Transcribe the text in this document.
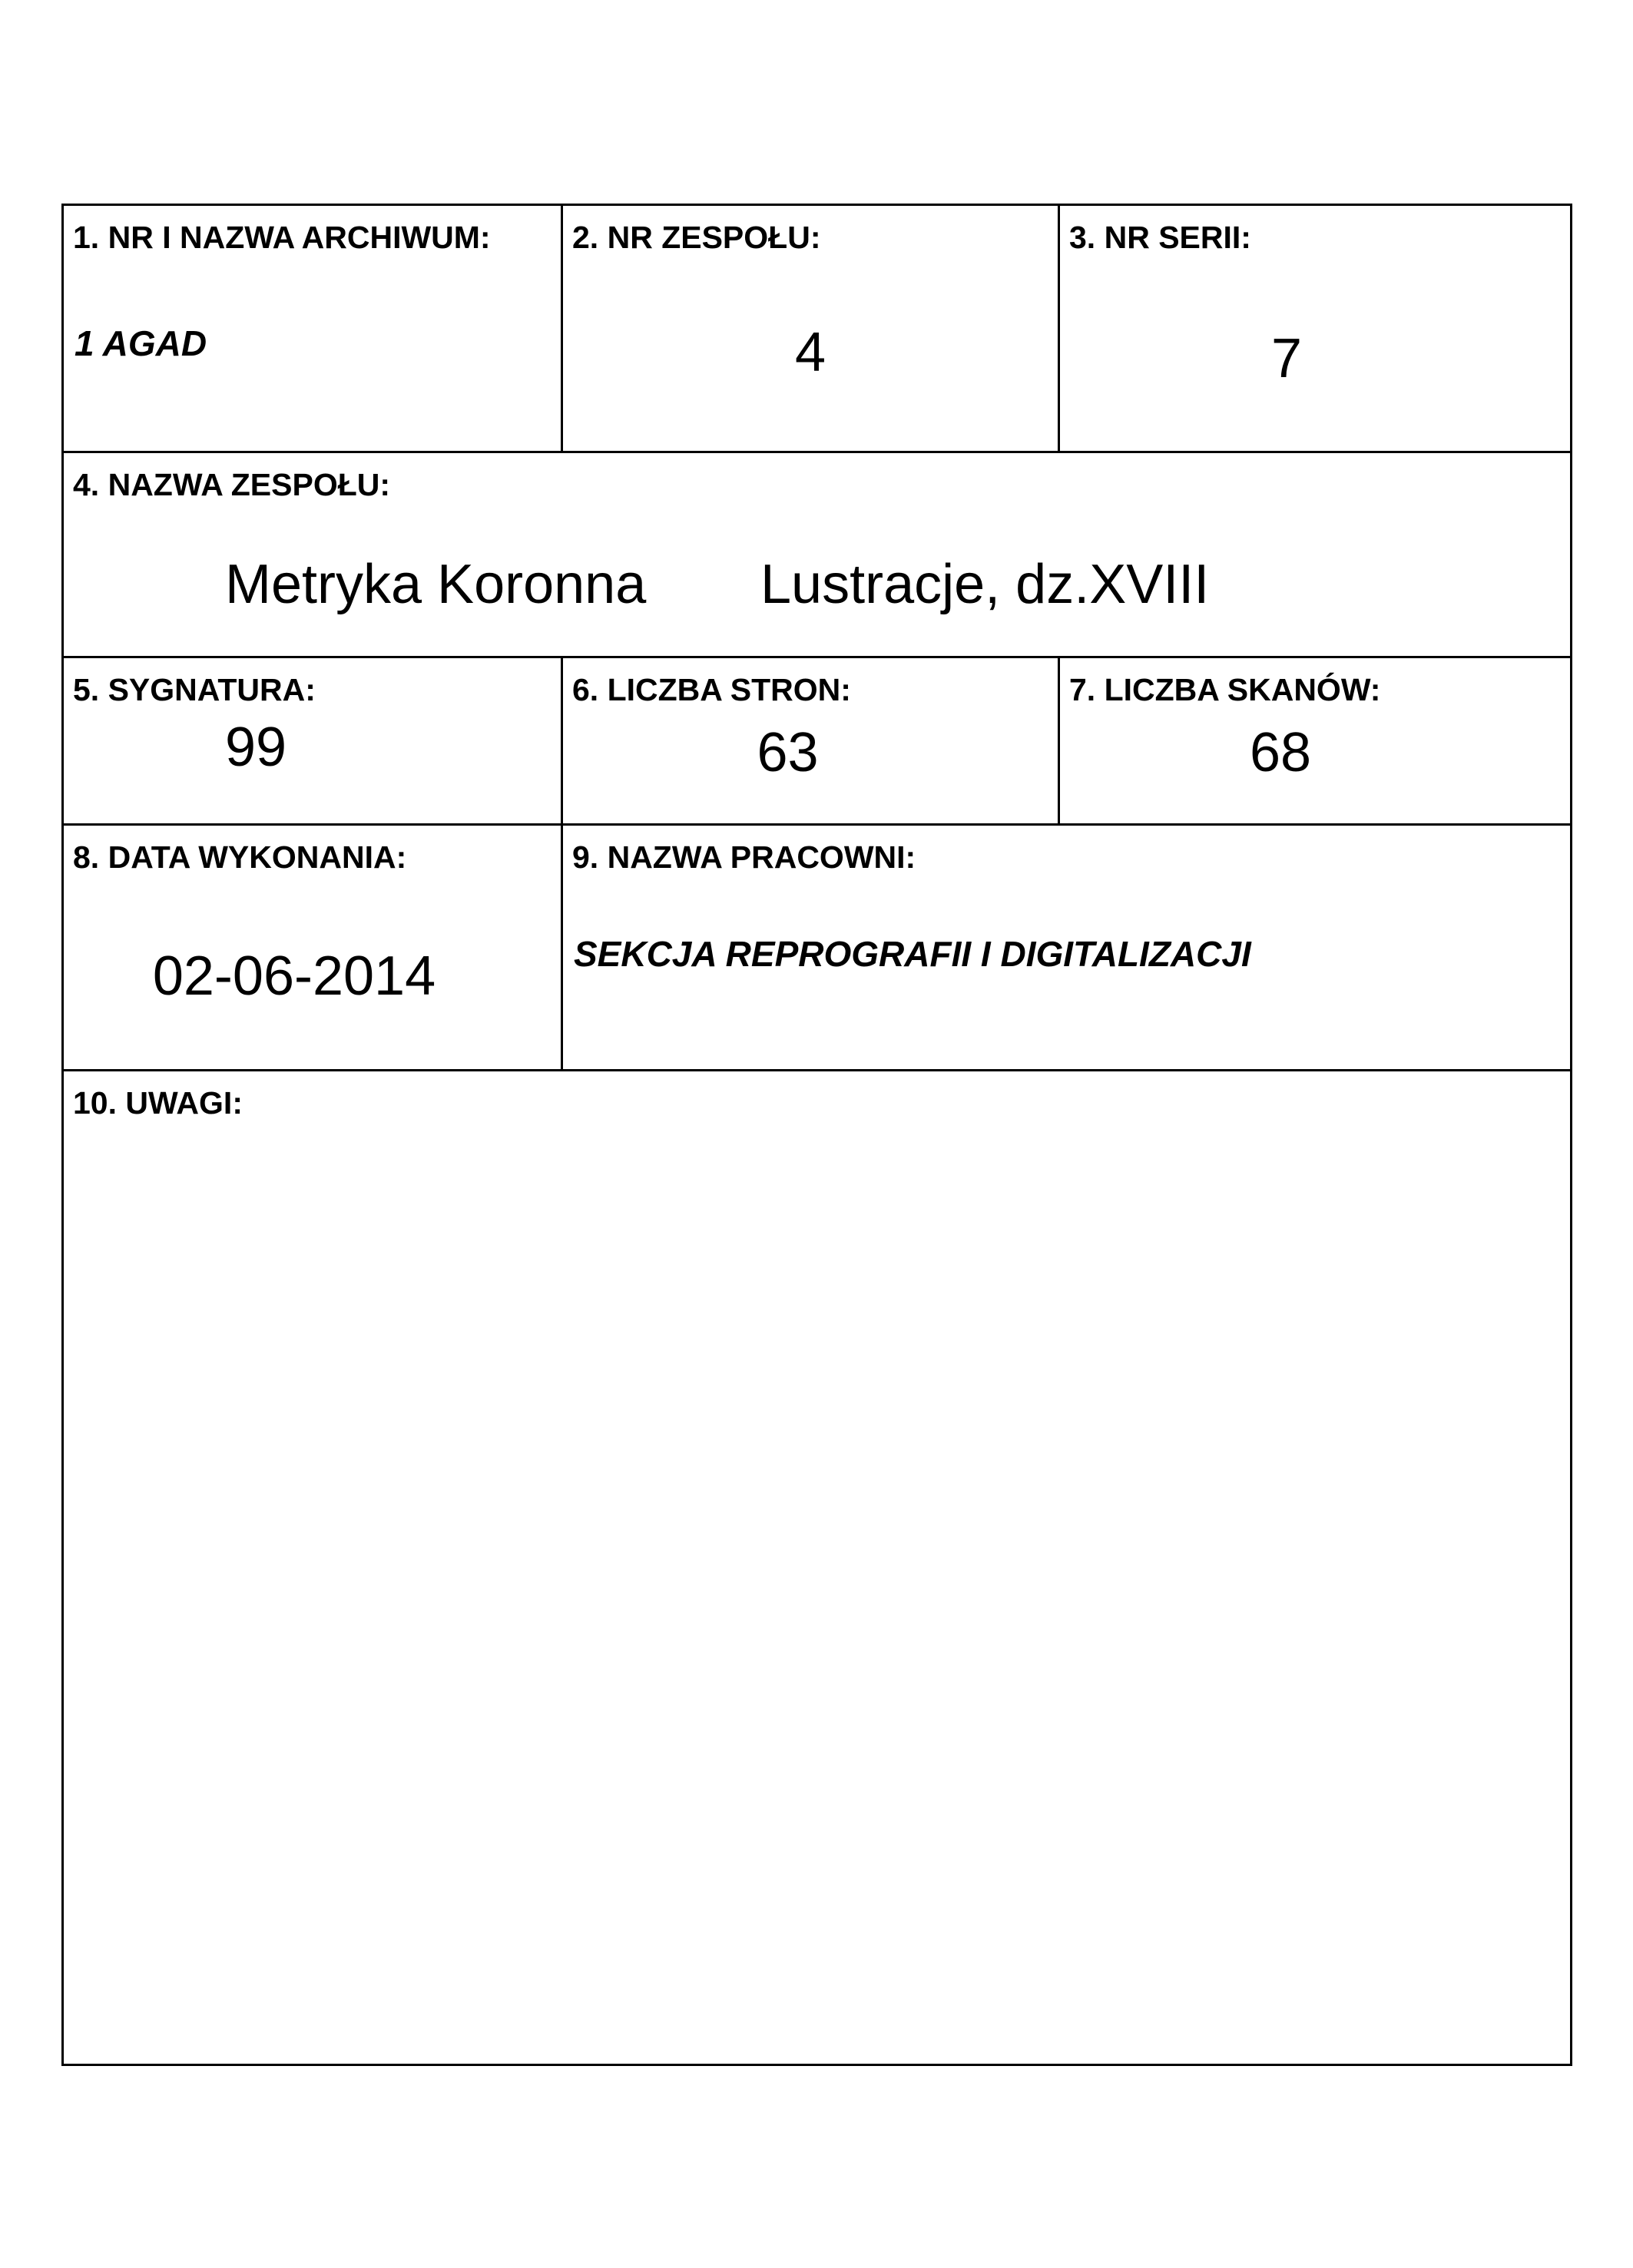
1. NR I NAZWA ARCHIWUM:
1 AGAD
2. NR ZESPOŁU:
4
3. NR SERII:
7
4. NAZWA ZESPOŁU:
Metryka Koronna Lustracje, dz.XVIII
5. SYGNATURA:
99
6. LICZBA STRON:
63
7. LICZBA SKANÓW:
68
8. DATA WYKONANIA:
02-06-2014
9. NAZWA PRACOWNI:
SEKCJA REPROGRAFII I DIGITALIZACJI
10. UWAGI:
